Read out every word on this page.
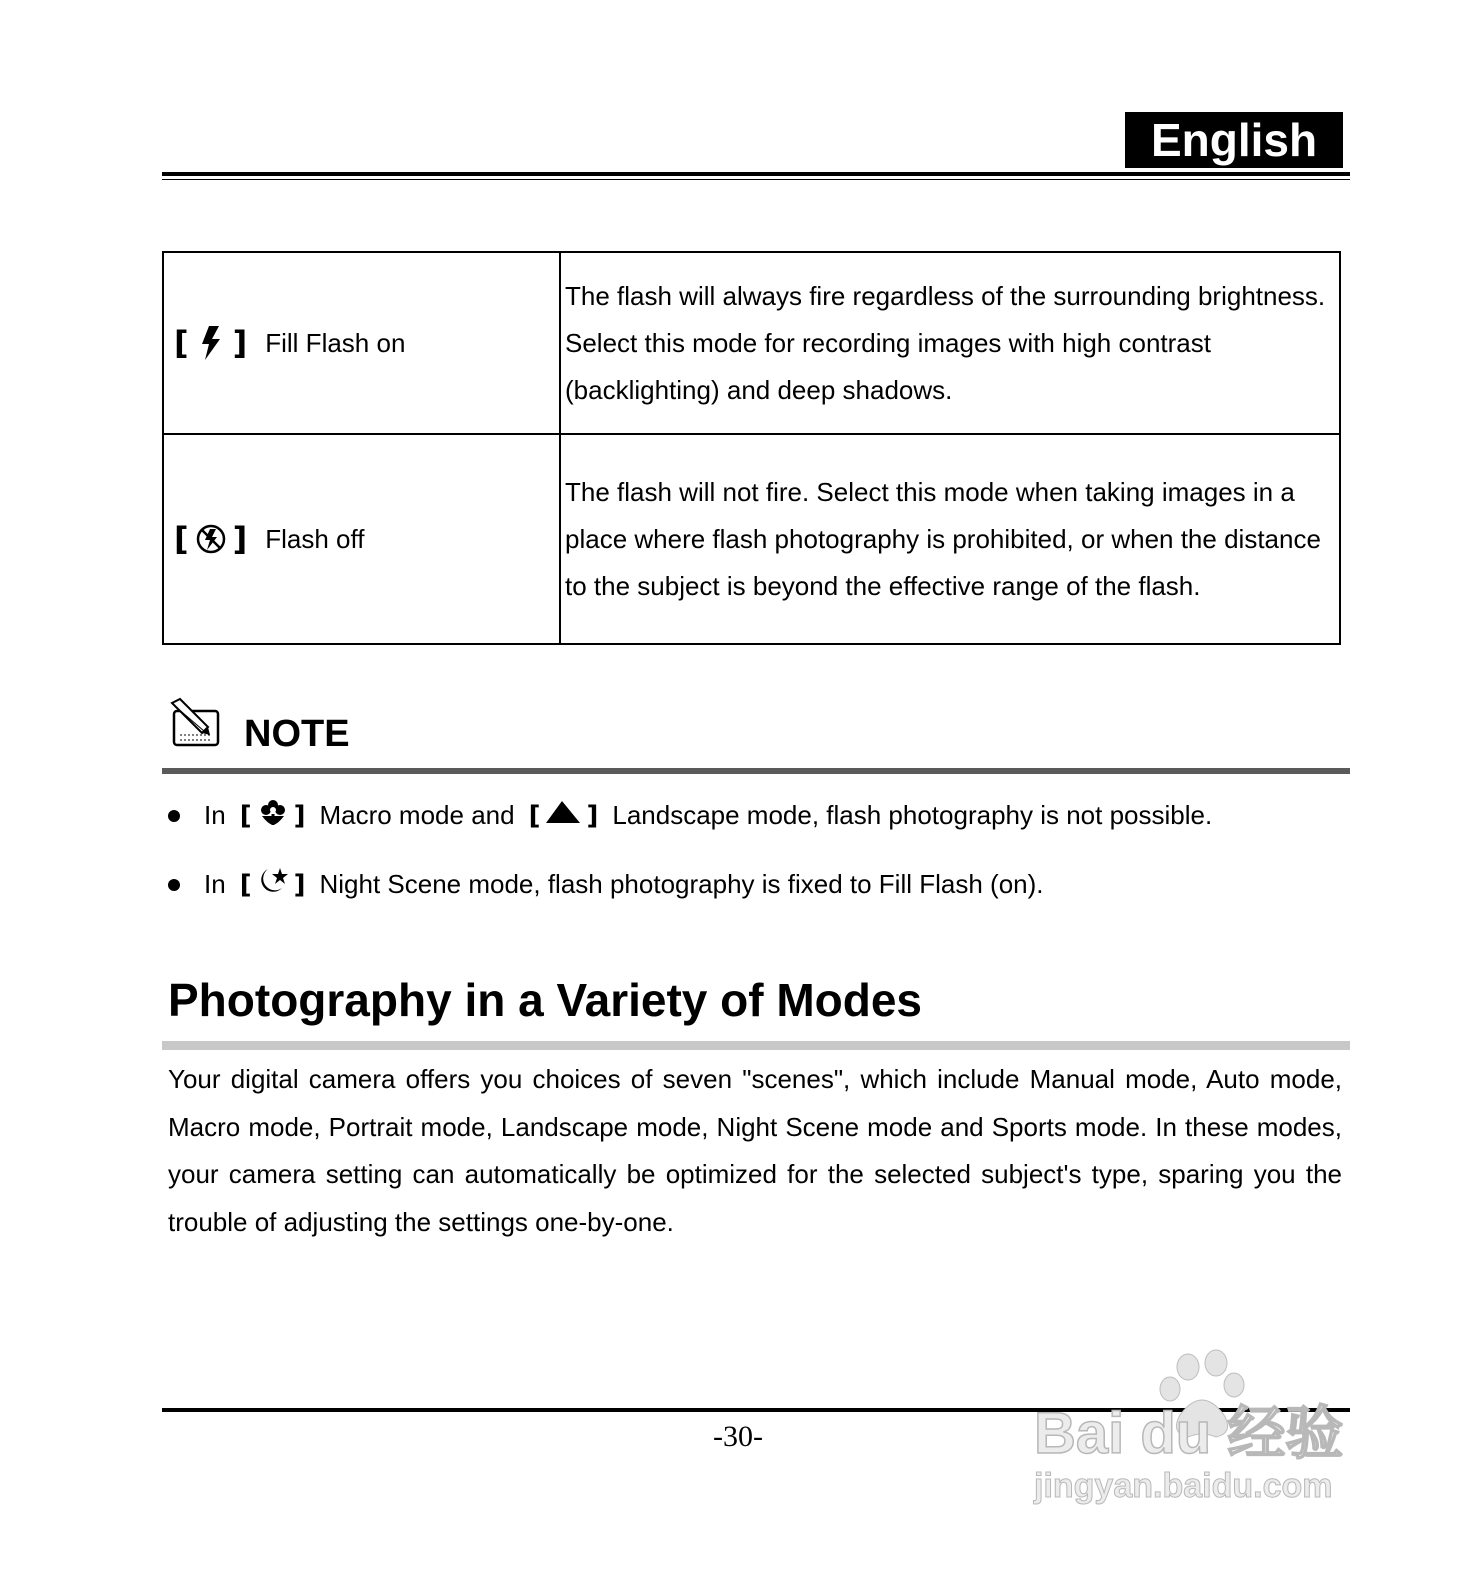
English
[ ] Fill Flash on	The flash will always fire regardless of the surrounding brightness. Select this mode for recording images with high contrast (backlighting) and deep shadows.

[ ] Flash off	The flash will not fire. Select this mode when taking images in a place where flash photography is prohibited, or when the distance to the subject is beyond the effective range of the flash.
NOTE
In [ ] Macro mode and [ ] Landscape mode, flash photography is not possible.
In [ ] Night Scene mode, flash photography is fixed to Fill Flash (on).
Photography in a Variety of Modes
Your digital camera offers you choices of seven "scenes", which include Manual mode, Auto mode, Macro mode, Portrait mode, Landscape mode, Night Scene mode and Sports mode. In these modes, your camera setting can automatically be optimized for the selected subject's type, sparing you the trouble of adjusting the settings one-by-one.
-30-	Bai du 经验
jingyan.baidu.com
